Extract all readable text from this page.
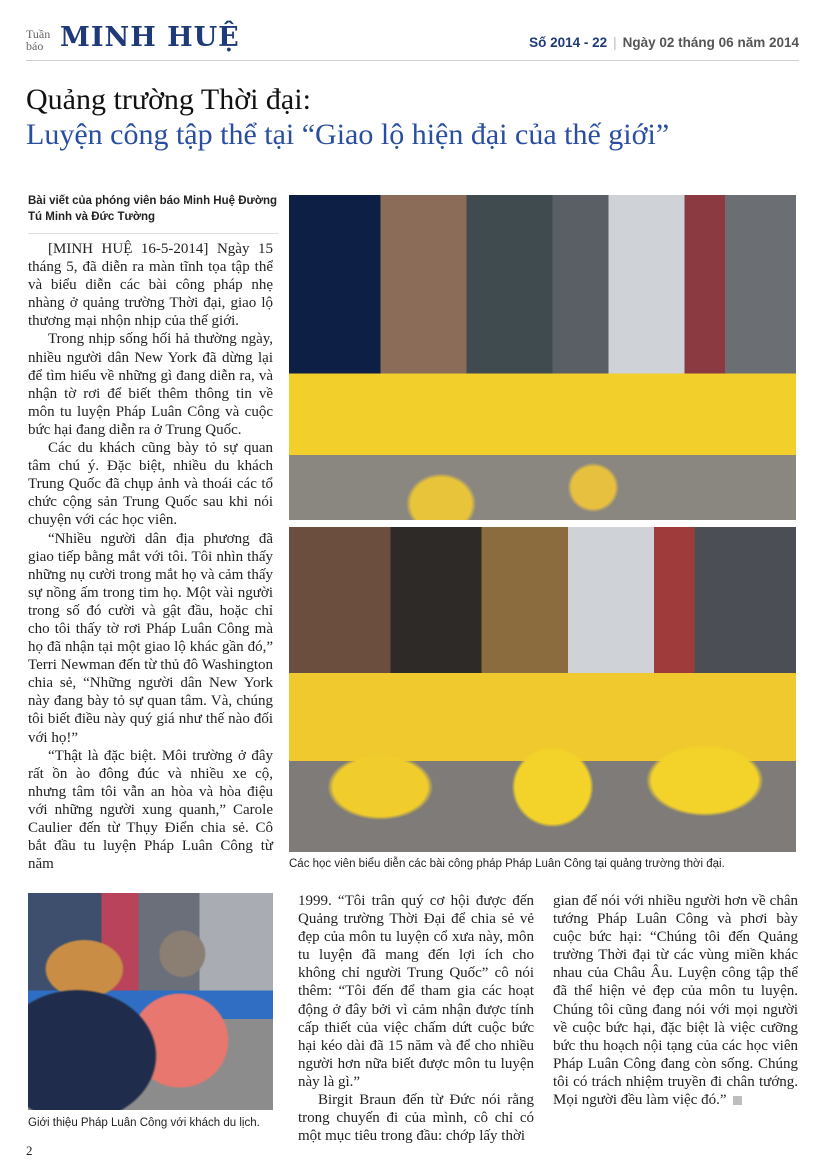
Tuần
báo MINH HUỆ	Số 2014 - 22 | Ngày 02 tháng 06 năm 2014
Quảng trường Thời đại:
Luyện công tập thể tại “Giao lộ hiện đại của thế giới”
Bài viết của phóng viên báo Minh Huệ Đường Tú Minh và Đức Tường

[MINH HUỆ 16-5-2014] Ngày 15 tháng 5, đã diễn ra màn tĩnh tọa tập thể và biểu diễn các bài công pháp nhẹ nhàng ở quảng trường Thời đại, giao lộ thương mại nhộn nhịp của thế giới.

Trong nhịp sống hối hả thường ngày, nhiều người dân New York đã dừng lại để tìm hiểu về những gì đang diễn ra, và nhận tờ rơi để biết thêm thông tin về môn tu luyện Pháp Luân Công và cuộc bức hại đang diễn ra ở Trung Quốc.

Các du khách cũng bày tỏ sự quan tâm chú ý. Đặc biệt, nhiều du khách Trung Quốc đã chụp ảnh và thoái các tổ chức cộng sản Trung Quốc sau khi nói chuyện với các học viên.

“Nhiều người dân địa phương đã giao tiếp bằng mắt với tôi. Tôi nhìn thấy những nụ cười trong mắt họ và cảm thấy sự nồng ấm trong tim họ. Một vài người trong số đó cười và gật đầu, hoặc chỉ cho tôi thấy tờ rơi Pháp Luân Công mà họ đã nhận tại một giao lộ khác gần đó,” Terri Newman đến từ thủ đô Washington chia sẻ, “Những người dân New York này đang bày tỏ sự quan tâm. Và, chúng tôi biết điều này quý giá như thế nào đối với họ!”

“Thật là đặc biệt. Môi trường ở đây rất ồn ào đông đúc và nhiều xe cộ, nhưng tâm tôi vẫn an hòa và hòa điệu với những người xung quanh,” Carole Caulier đến từ Thụy Điển chia sẻ. Cô bắt đầu tu luyện Pháp Luân Công từ năm	Các học viên biểu diễn các bài công pháp Pháp Luân Công tại quảng trường thời đại.
Giới thiệu Pháp Luân Công với khách du lịch.

1999. “Tôi trân quý cơ hội được đến Quảng trường Thời Đại để chia sẻ vẻ đẹp của môn tu luyện cổ xưa này, môn tu luyện đã mang đến lợi ích cho không chỉ người Trung Quốc” cô nói thêm: “Tôi đến để tham gia các hoạt động ở đây bởi vì cảm nhận được tính cấp thiết của việc chấm dứt cuộc bức hại kéo dài đã 15 năm và để cho nhiều người hơn nữa biết được môn tu luyện này là gì.”

Birgit Braun đến từ Đức nói rằng trong chuyến đi của mình, cô chỉ có một mục tiêu trong đầu: chớp lấy thời

gian để nói với nhiều người hơn về chân tướng Pháp Luân Công và phơi bày cuộc bức hại: “Chúng tôi đến Quảng trường Thời đại từ các vùng miền khác nhau của Châu Âu. Luyện công tập thể đã thể hiện vẻ đẹp của môn tu luyện. Chúng tôi cũng đang nói với mọi người về cuộc bức hại, đặc biệt là việc cưỡng bức thu hoạch nội tạng của các học viên Pháp Luân Công đang còn sống. Chúng tôi có trách nhiệm truyền đi chân tướng. Mọi người đều làm việc đó.”

2
